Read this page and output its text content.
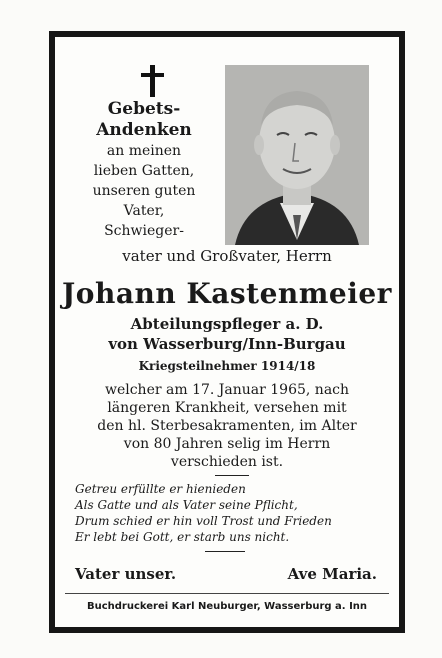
Gebets-
Andenken
an meinen
lieben Gatten,
unseren guten
Vater,
Schwieger-
vater und Großvater, Herrn
Johann Kastenmeier
Abteilungspfleger a. D.
von Wasserburg/Inn-Burgau
Kriegsteilnehmer 1914/18
welcher am 17. Januar 1965, nach
längeren Krankheit, versehen mit
den hl. Sterbesakramenten, im Alter
von 80 Jahren selig im Herrn
verschieden ist.
Getreu erfüllte er hienieden
Als Gatte und als Vater seine Pflicht,
Drum schied er hin voll Trost und Frieden
Er lebt bei Gott, er starb uns nicht.
Vater unser.	Ave Maria.
Buchdruckerei Karl Neuburger, Wasserburg a. Inn
